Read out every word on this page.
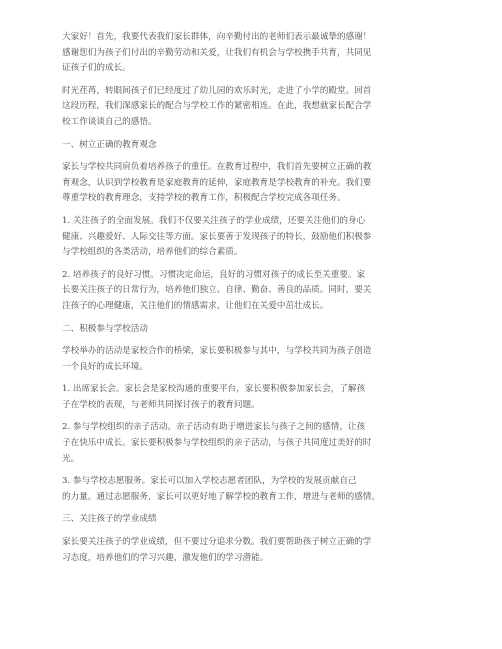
大家好！首先，我要代表我们家长群体，向辛勤付出的老师们表示最诚挚的感谢！
感谢您们为孩子们付出的辛勤劳动和关爱，让我们有机会与学校携手共育，共同见
证孩子们的成长。
时光荏苒，转眼间孩子们已经度过了幼儿园的欢乐时光，走进了小学的殿堂。回首
这段历程，我们深感家长的配合与学校工作的紧密相连。在此，我想就家长配合学
校工作谈谈自己的感悟。
一、树立正确的教育观念
家长与学校共同肩负着培养孩子的重任。在教育过程中，我们首先要树立正确的教
育观念，认识到学校教育是家庭教育的延伸，家庭教育是学校教育的补充。我们要
尊重学校的教育理念，支持学校的教育工作，积极配合学校完成各项任务。
1. 关注孩子的全面发展。我们不仅要关注孩子的学业成绩，还要关注他们的身心
健康、兴趣爱好、人际交往等方面。家长要善于发现孩子的特长，鼓励他们积极参
与学校组织的各类活动，培养他们的综合素质。
2. 培养孩子的良好习惯。习惯决定命运，良好的习惯对孩子的成长至关重要。家
长要关注孩子的日常行为，培养他们独立、自律、勤奋、善良的品质。同时，要关
注孩子的心理健康，关注他们的情感需求，让他们在关爱中茁壮成长。
二、积极参与学校活动
学校举办的活动是家校合作的桥梁，家长要积极参与其中，与学校共同为孩子创造
一个良好的成长环境。
1. 出席家长会。家长会是家校沟通的重要平台，家长要积极参加家长会，了解孩
子在学校的表现，与老师共同探讨孩子的教育问题。
2. 参与学校组织的亲子活动。亲子活动有助于增进家长与孩子之间的感情，让孩
子在快乐中成长。家长要积极参与学校组织的亲子活动，与孩子共同度过美好的时
光。
3. 参与学校志愿服务。家长可以加入学校志愿者团队，为学校的发展贡献自己
的力量。通过志愿服务，家长可以更好地了解学校的教育工作，增进与老师的感情。
三、关注孩子的学业成绩
家长要关注孩子的学业成绩，但不要过分追求分数。我们要帮助孩子树立正确的学
习态度，培养他们的学习兴趣，激发他们的学习潜能。
